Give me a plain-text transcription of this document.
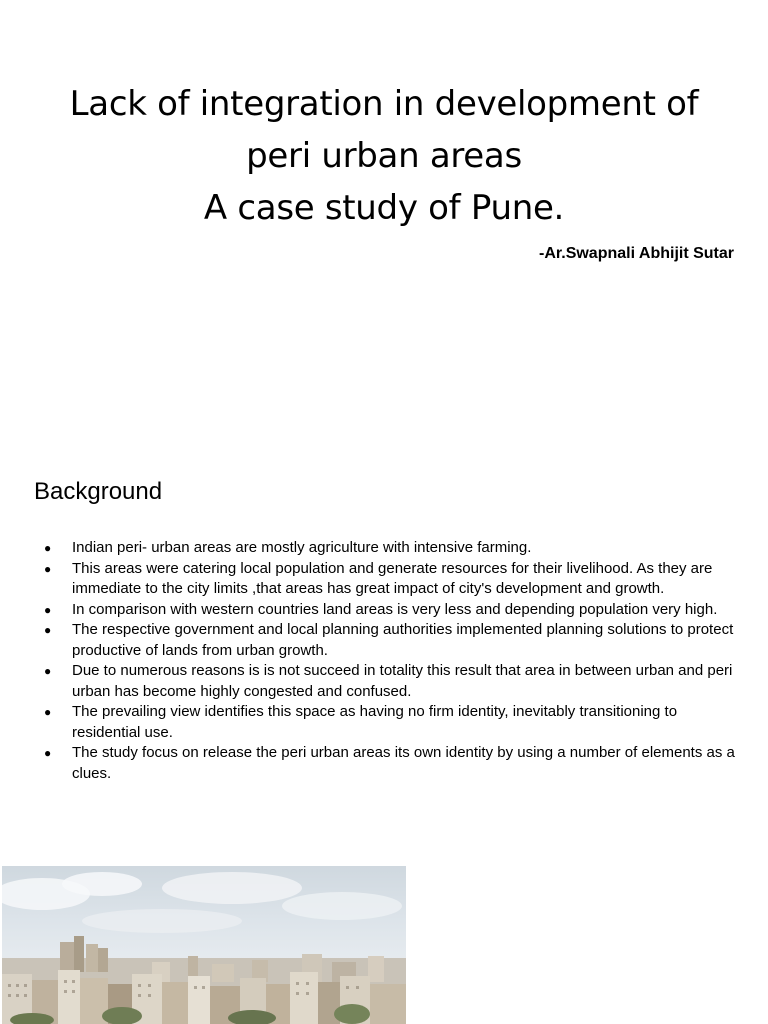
Lack of integration in development of
peri urban areas
A case study of Pune.

-Ar.Swapnali Abhijit Sutar

Background
● Indian peri- urban areas are mostly agriculture with intensive farming.
● This areas were catering local population and generate resources for their livelihood. As they are immediate to the city limits ,that areas has great impact of city's development and growth.
● In comparison with western countries land areas is very less and depending population very high.
● The respective government and local planning authorities implemented planning solutions to protect productive of lands from urban growth.
● Due to numerous reasons is is not succeed in totality this result that area in between urban and peri urban has become highly congested and confused.
● The prevailing view identifies this space as having no firm identity, inevitably transitioning to residential use.
● The study focus on release the peri urban areas its own identity by using a number of elements as a clues.
